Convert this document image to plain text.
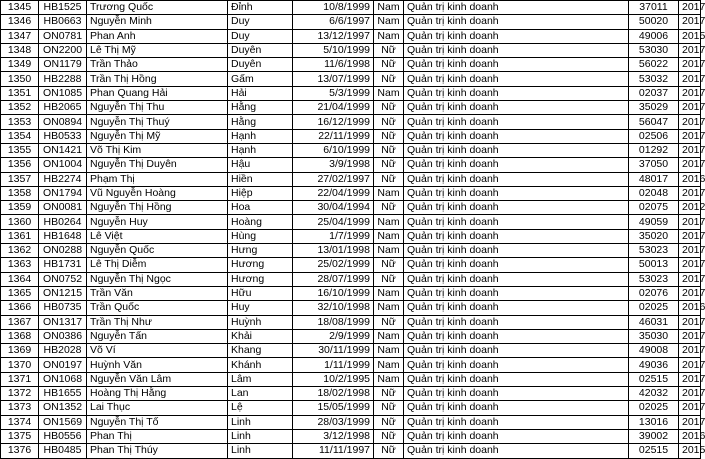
1345	HB1525	Trương Quốc	Đỉnh	10/8/1999	Nam	Quản trị kinh doanh	37011	2017
1346	HB0663	Nguyễn Minh	Duy	6/6/1997	Nam	Quản trị kinh doanh	50020	2017
1347	ON0781	Phan Anh	Duy	13/12/1997	Nam	Quản trị kinh doanh	49006	2015
1348	ON2200	Lê Thị Mỹ	Duyên	5/10/1999	Nữ	Quản trị kinh doanh	53030	2017
1349	ON1179	Trần Thảo	Duyên	11/6/1998	Nữ	Quản trị kinh doanh	56022	2017
1350	HB2288	Trần Thị Hồng	Gấm	13/07/1999	Nữ	Quản trị kinh doanh	53032	2017
1351	ON1085	Phan Quang Hải	Hải	5/3/1999	Nam	Quản trị kinh doanh	02037	2017
1352	HB2065	Nguyễn Thị Thu	Hằng	21/04/1999	Nữ	Quản trị kinh doanh	35029	2017
1353	ON0894	Nguyễn Thị Thuý	Hằng	16/12/1999	Nữ	Quản trị kinh doanh	56047	2017
1354	HB0533	Nguyễn Thị Mỹ	Hạnh	22/11/1999	Nữ	Quản trị kinh doanh	02506	2017
1355	ON1421	Võ Thị Kim	Hạnh	6/10/1999	Nữ	Quản trị kinh doanh	01292	2017
1356	ON1004	Nguyễn Thị Duyên	Hậu	3/9/1998	Nữ	Quản trị kinh doanh	37050	2017
1357	HB2274	Phạm Thị	Hiền	27/02/1997	Nữ	Quản trị kinh doanh	48017	2016
1358	ON1794	Vũ Nguyễn Hoàng	Hiệp	22/04/1999	Nam	Quản trị kinh doanh	02048	2017
1359	ON0081	Nguyễn Thị Hồng	Hoa	30/04/1994	Nữ	Quản trị kinh doanh	02075	2012
1360	HB0264	Nguyễn Huy	Hoàng	25/04/1999	Nam	Quản trị kinh doanh	49059	2017
1361	HB1648	Lê Việt	Hùng	1/7/1999	Nam	Quản trị kinh doanh	35020	2017
1362	ON0288	Nguyễn Quốc	Hưng	13/01/1998	Nam	Quản trị kinh doanh	53023	2017
1363	HB1731	Lê Thị Diễm	Hương	25/02/1999	Nữ	Quản trị kinh doanh	50013	2017
1364	ON0752	Nguyễn Thị Ngọc	Hương	28/07/1999	Nữ	Quản trị kinh doanh	53023	2017
1365	ON1215	Trần Văn	Hữu	16/10/1999	Nam	Quản trị kinh doanh	02076	2017
1366	HB0735	Trần Quốc	Huy	32/10/1998	Nam	Quản trị kinh doanh	02025	2016
1367	ON1317	Trần Thị Như	Huỳnh	18/08/1999	Nữ	Quản trị kinh doanh	46031	2017
1368	ON0386	Nguyễn Tấn	Khải	2/9/1999	Nam	Quản trị kinh doanh	35030	2017
1369	HB2028	Võ Ví	Khang	30/11/1999	Nam	Quản trị kinh doanh	49008	2017
1370	ON0197	Huỳnh Văn	Khánh	1/11/1999	Nam	Quản trị kinh doanh	49036	2017
1371	ON1068	Nguyễn Văn Lâm	Lâm	10/2/1995	Nam	Quản trị kinh doanh	02515	2017
1372	HB1655	Hoàng Thị Hằng	Lan	18/02/1998	Nữ	Quản trị kinh doanh	42032	2017
1373	ON1352	Lai Thục	Lệ	15/05/1999	Nữ	Quản trị kinh doanh	02025	2017
1374	ON1569	Nguyễn Thị Tố	Linh	28/03/1999	Nữ	Quản trị kinh doanh	13016	2017
1375	HB0556	Phan Thị	Linh	3/12/1998	Nữ	Quản trị kinh doanh	39002	2016
1376	HB0485	Phan Thị Thúy	Linh	11/11/1997	Nữ	Quản trị kinh doanh	02515	2015
